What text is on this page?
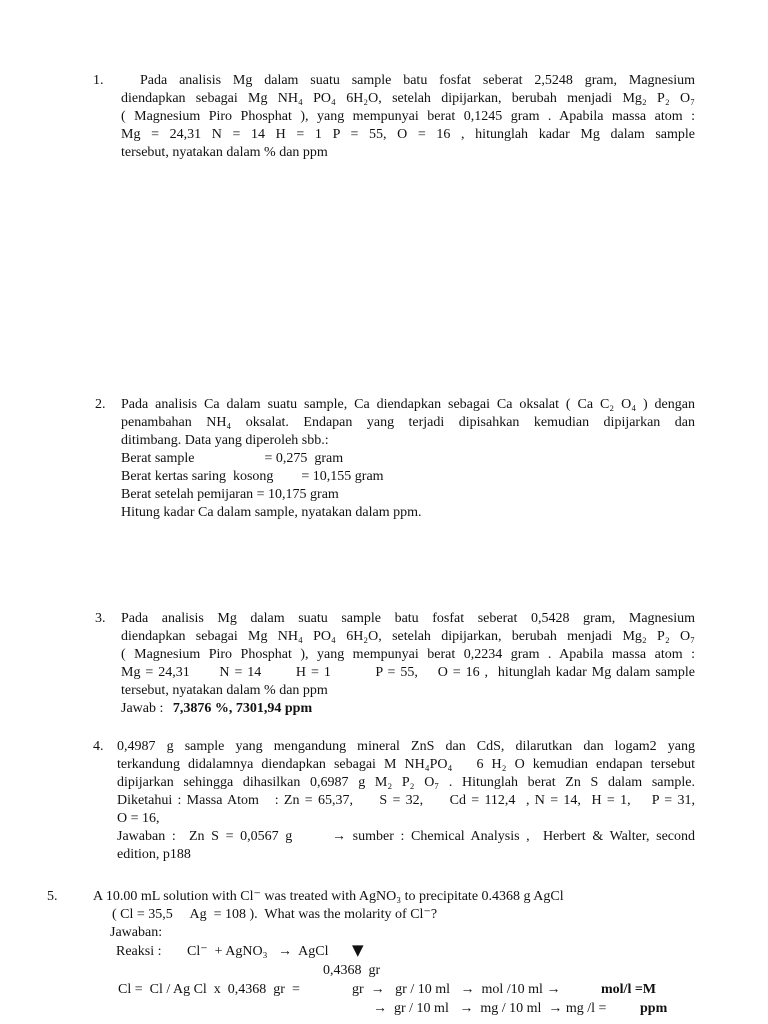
1.	Pada analisis Mg dalam suatu sample batu fosfat seberat 2,5248 gram, Magnesium
diendapkan sebagai Mg NH₄ PO₄ 6H₂O, setelah dipijarkan, berubah menjadi Mg₂ P₂ O₇
( Magnesium Piro Phosphat ), yang mempunyai berat 0,1245 gram . Apabila massa atom :
Mg = 24,31 N = 14 H = 1 P = 55, O = 16 , hitunglah kadar Mg dalam sample
tersebut, nyatakan dalam % dan ppm
2. Pada analisis Ca dalam suatu sample, Ca diendapkan sebagai Ca oksalat ( Ca C₂ O₄ ) dengan
penambahan NH₄ oksalat. Endapan yang terjadi dipisahkan kemudian dipijarkan dan
ditimbang. Data yang diperoleh sbb.:
Berat sample                    = 0,275  gram
Berat kertas saring  kosong        = 10,155 gram
Berat setelah pemijaran = 10,175 gram
Hitung kadar Ca dalam sample, nyatakan dalam ppm.
3. Pada analisis Mg dalam suatu sample batu fosfat seberat 0,5428 gram, Magnesium
diendapkan sebagai Mg NH₄ PO₄ 6H₂O, setelah dipijarkan, berubah menjadi Mg₂ P₂ O₇
( Magnesium Piro Phosphat ), yang mempunyai berat 0,2234 gram . Apabila massa atom :
Mg = 24,31      N = 14       H = 1         P = 55,    O = 16 ,  hitunglah kadar Mg dalam sample
tersebut, nyatakan dalam % dan ppm
Jawab : 7,3876 %, 7301,94 ppm
4. 0,4987 g sample yang mengandung mineral ZnS dan CdS, dilarutkan dan logam2 yang
terkandung didalamnya diendapkan sebagai M NH₄PO₄   6 H₂ O kemudian endapan tersebut
dipijarkan sehingga dihasilkan 0,6987 g M₂ P₂ O₇ . Hitunglah berat Zn S dalam sample.
Diketahui : Massa Atom   : Zn = 65,37,     S = 32,     Cd = 112,4  , N = 14,  H = 1,    P = 31,
O = 16,
Jawaban :  Zn S = 0,0567 g      → sumber : Chemical Analysis ,  Herbert & Walter, second
edition, p188
5.	A 10.00 mL solution with Cl⁻ was treated with AgNO₃ to precipitate 0.4368 g AgCl
( Cl = 35,5     Ag  = 108 ).  What was the molarity of Cl⁻?
Jawaban:
Reaksi : Cl⁻  + AgNO₃   →  AgCl ▼
0,4368  gr
Cl =  Cl / Ag Cl  x  0,4368  gr  =	gr  →   gr / 10 ml   →  mol /10 ml →	mol/l =M
→  gr / 10 ml   →  mg / 10 ml  → mg /l = ppm
